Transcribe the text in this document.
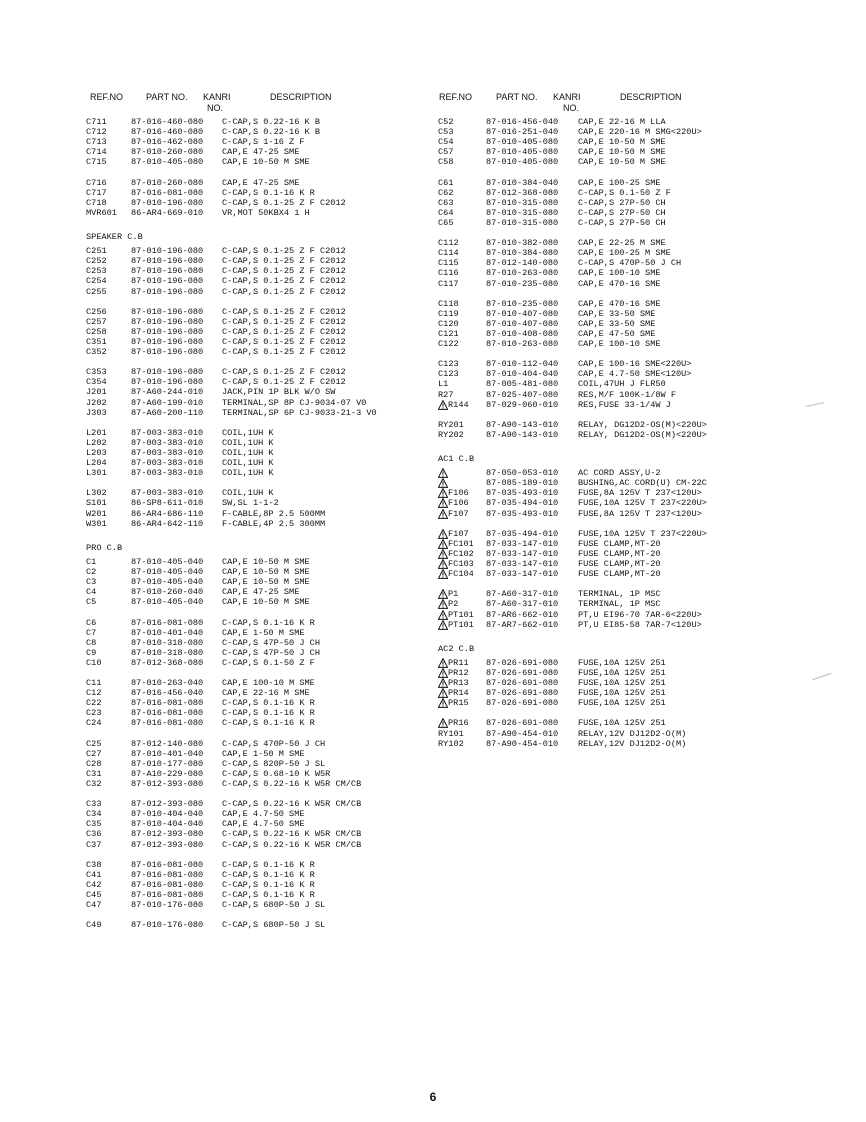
REF.NO	PART NO. KANRI
NO.
DESCRIPTION	REF.NO	PART NO. KANRI
NO.
DESCRIPTION
C711	87-016-460-080 C-CAP,S 0.22-16 K B
C712	87-016-460-080 C-CAP,S 0.22-16 K B
C713	87-016-462-080 C-CAP,S 1-16 Z F
C714	87-010-260-080 CAP,E 47-25 SME
C715	87-010-405-080 CAP,E 10-50 M SME
C716	87-010-260-080 CAP,E 47-25 SME
C717	87-016-081-080 C-CAP,S 0.1-16 K R
C718	87-010-196-080 C-CAP,S 0.1-25 Z F C2012
MVR601 86-AR4-669-010 VR,MOT 50KBX4 1 H
SPEAKER C.B
C251	87-010-196-080 C-CAP,S 0.1-25 Z F C2012
C252	87-010-196-080 C-CAP,S 0.1-25 Z F C2012
C253	87-010-196-080 C-CAP,S 0.1-25 Z F C2012
C254	87-010-196-080 C-CAP,S 0.1-25 Z F C2012
C255	87-010-196-080 C-CAP,S 0.1-25 Z F C2012
C256	87-010-196-080 C-CAP,S 0.1-25 Z F C2012
C257	87-010-196-080 C-CAP,S 0.1-25 Z F C2012
C258	87-010-196-080 C-CAP,S 0.1-25 Z F C2012
C351	87-010-196-080 C-CAP,S 0.1-25 Z F C2012
C352	87-010-196-080 C-CAP,S 0.1-25 Z F C2012
C353	87-010-196-080 C-CAP,S 0.1-25 Z F C2012
C354	87-010-196-080 C-CAP,S 0.1-25 Z F C2012
J201	87-A60-244-010 JACK,PIN 1P BLK W/O SW
J202	87-A60-199-010 TERMINAL,SP 8P CJ-9034-07 V0
J303	87-A60-200-110 TERMINAL,SP 6P CJ-9033-21-3 V0
L201	87-003-383-010 COIL,1UH K
L202	87-003-383-010 COIL,1UH K
L203	87-003-383-010 COIL,1UH K
L204	87-003-383-010 COIL,1UH K
L301	87-003-383-010 COIL,1UH K
L302	87-003-383-010 COIL,1UH K
S101	86-SP8-611-010 SW,SL 1-1-2
W201	86-AR4-686-110 F-CABLE,8P 2.5 500MM
W301	86-AR4-642-110 F-CABLE,4P 2.5 300MM
PRO C.B
C1	87-010-405-040 CAP,E 10-50 M SME
C2	87-010-405-040 CAP,E 10-50 M SME
C3	87-010-405-040 CAP,E 10-50 M SME
C4	87-010-260-040 CAP,E 47-25 SME
C5	87-010-405-040 CAP,E 10-50 M SME
C6	87-016-081-080 C-CAP,S 0.1-16 K R
C7	87-010-401-040 CAP,E 1-50 M SME
C8	87-010-318-080 C-CAP,S 47P-50 J CH
C9	87-010-318-080 C-CAP,S 47P-50 J CH
C10	87-012-368-080 C-CAP,S 0.1-50 Z F
C11	87-010-263-040 CAP,E 100-10 M SME
C12	87-016-456-040 CAP,E 22-16 M SME
C22	87-016-081-080 C-CAP,S 0.1-16 K R
C23	87-016-081-080 C-CAP,S 0.1-16 K R
C24	87-016-081-080 C-CAP,S 0.1-16 K R
C25	87-012-140-080 C-CAP,S 470P-50 J CH
C27	87-010-401-040 CAP,E 1-50 M SME
C28	87-010-177-080 C-CAP,S 820P-50 J SL
C31	87-A10-229-080 C-CAP,S 0.68-10 K W5R
C32	87-012-393-080 C-CAP,S 0.22-16 K W5R CM/CB
C33	87-012-393-080 C-CAP,S 0.22-16 K W5R CM/CB
C34	87-010-404-040 CAP,E 4.7-50 SME
C35	87-010-404-040 CAP,E 4.7-50 SME
C36	87-012-393-080 C-CAP,S 0.22-16 K W5R CM/CB
C37	87-012-393-080 C-CAP,S 0.22-16 K W5R CM/CB
C38	87-016-081-080 C-CAP,S 0.1-16 K R
C41	87-016-081-080 C-CAP,S 0.1-16 K R
C42	87-016-081-080 C-CAP,S 0.1-16 K R
C45	87-016-081-080 C-CAP,S 0.1-16 K R
C47	87-010-176-080 C-CAP,S 680P-50 J SL
C49	87-010-176-080 C-CAP,S 680P-50 J SL
C52	87-016-456-040 CAP,E 22-16 M LLA
C53	87-016-251-040 CAP,E 220-16 M SMG<220U>
C54	87-010-405-080 CAP,E 10-50 M SME
C57	87-010-405-080 CAP,E 10-50 M SME
C58	87-010-405-080 CAP,E 10-50 M SME
C61	87-010-384-040 CAP,E 100-25 SME
C62	87-012-368-080 C-CAP,S 0.1-50 Z F
C63	87-010-315-080 C-CAP,S 27P-50 CH
C64	87-010-315-080 C-CAP,S 27P-50 CH
C65	87-010-315-080 C-CAP,S 27P-50 CH
C112	87-010-382-080 CAP,E 22-25 M SME
C114	87-010-384-080 CAP,E 100-25 M SME
C115	87-012-140-080 C-CAP,S 470P-50 J CH
C116	87-010-263-080 CAP,E 100-10 SME
C117	87-010-235-080 CAP,E 470-16 SME
C118	87-010-235-080 CAP,E 470-16 SME
C119	87-010-407-080 CAP,E 33-50 SME
C120	87-010-407-080 CAP,E 33-50 SME
C121	87-010-408-080 CAP,E 47-50 SME
C122	87-010-263-080 CAP,E 100-10 SME
C123	87-010-112-040 CAP,E 100-16 SME<220U>
C123	87-010-404-040 CAP,E 4.7-50 SME<120U>
L1	87-005-481-080 COIL,47UH J FLR50
R27	87-025-407-080 RES,M/F 100K-1/8W F
R144 87-029-060-010 RES,FUSE 33-1/4W J
RY201	87-A90-143-010 RELAY, DG12D2-OS(M)<220U>
RY202	87-A90-143-010 RELAY, DG12D2-OS(M)<220U>
AC1 C.B
87-050-053-010 AC CORD ASSY,U-2
87-085-189-010 BUSHING,AC CORD(U) CM-22C
F106 87-035-493-010 FUSE,8A 125V T 237<120U>
F106 87-035-494-010 FUSE,10A 125V T 237<220U>
F107 87-035-493-010 FUSE,8A 125V T 237<120U>
F107 87-035-494-010 FUSE,10A 125V T 237<220U>
FC101 87-033-147-010 FUSE CLAMP,MT-20
FC102 87-033-147-010 FUSE CLAMP,MT-20
FC103 87-033-147-010 FUSE CLAMP,MT-20
FC104 87-033-147-010 FUSE CLAMP,MT-20
P1	87-A60-317-010 TERMINAL, 1P MSC
P2	87-A60-317-010 TERMINAL, 1P MSC
PT101 87-AR6-662-010 PT,U EI96-70 7AR-6<220U>
PT101 87-AR7-662-010 PT,U EI85-58 7AR-7<120U>
AC2 C.B
PR11 87-026-691-080 FUSE,10A 125V 251
PR12 87-026-691-080 FUSE,10A 125V 251
PR13 87-026-691-080 FUSE,10A 125V 251
PR14 87-026-691-080 FUSE,10A 125V 251
PR15 87-026-691-080 FUSE,10A 125V 251
PR16 87-026-691-080 FUSE,10A 125V 251
RY101	87-A90-454-010 RELAY,12V DJ12D2-O(M)
RY102	87-A90-454-010 RELAY,12V DJ12D2-O(M)
6
